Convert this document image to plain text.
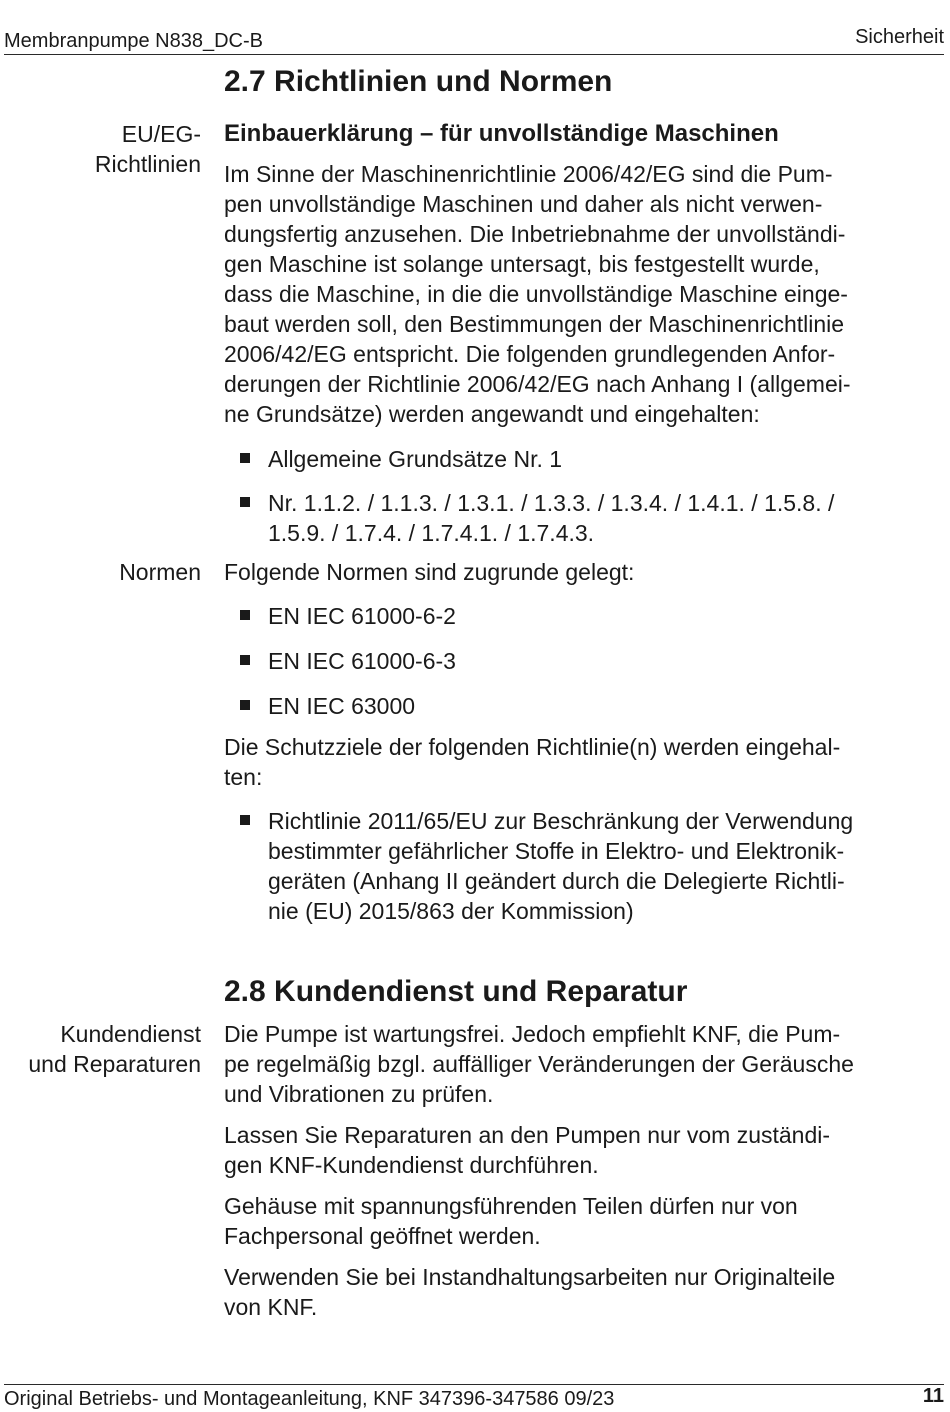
Membranpumpe N838_DC-B	Sicherheit
2.7 Richtlinien und Normen
EU/EG-
Richtlinien
Einbauerklärung – für unvollständige Maschinen
Im Sinne der Maschinenrichtlinie 2006/42/EG sind die Pum-
pen unvollständige Maschinen und daher als nicht verwen-
dungsfertig anzusehen. Die Inbetriebnahme der unvollständi-
gen Maschine ist solange untersagt, bis festgestellt wurde,
dass die Maschine, in die die unvollständige Maschine einge-
baut werden soll, den Bestimmungen der Maschinenrichtlinie
2006/42/EG entspricht. Die folgenden grundlegenden Anfor-
derungen der Richtlinie 2006/42/EG nach Anhang I (allgemei-
ne Grundsätze) werden angewandt und eingehalten:
Allgemeine Grundsätze Nr. 1
Nr. 1.1.2. / 1.1.3. / 1.3.1. / 1.3.3. / 1.3.4. / 1.4.1. / 1.5.8. /
1.5.9. / 1.7.4. / 1.7.4.1. / 1.7.4.3.
Normen Folgende Normen sind zugrunde gelegt:
EN IEC 61000-6-2
EN IEC 61000-6-3
EN IEC 63000
Die Schutzziele der folgenden Richtlinie(n) werden eingehal-
ten:
Richtlinie 2011/65/EU zur Beschränkung der Verwendung
bestimmter gefährlicher Stoffe in Elektro- und Elektronik-
geräten (Anhang II geändert durch die Delegierte Richtli-
nie (EU) 2015/863 der Kommission)
2.8 Kundendienst und Reparatur
Kundendienst
und Reparaturen
Die Pumpe ist wartungsfrei. Jedoch empfiehlt KNF, die Pum-
pe regelmäßig bzgl. auffälliger Veränderungen der Geräusche
und Vibrationen zu prüfen.
Lassen Sie Reparaturen an den Pumpen nur vom zuständi-
gen KNF-Kundendienst durchführen.
Gehäuse mit spannungsführenden Teilen dürfen nur von
Fachpersonal geöffnet werden.
Verwenden Sie bei Instandhaltungsarbeiten nur Originalteile
von KNF.
Original Betriebs- und Montageanleitung, KNF 347396-347586 09/23	11
